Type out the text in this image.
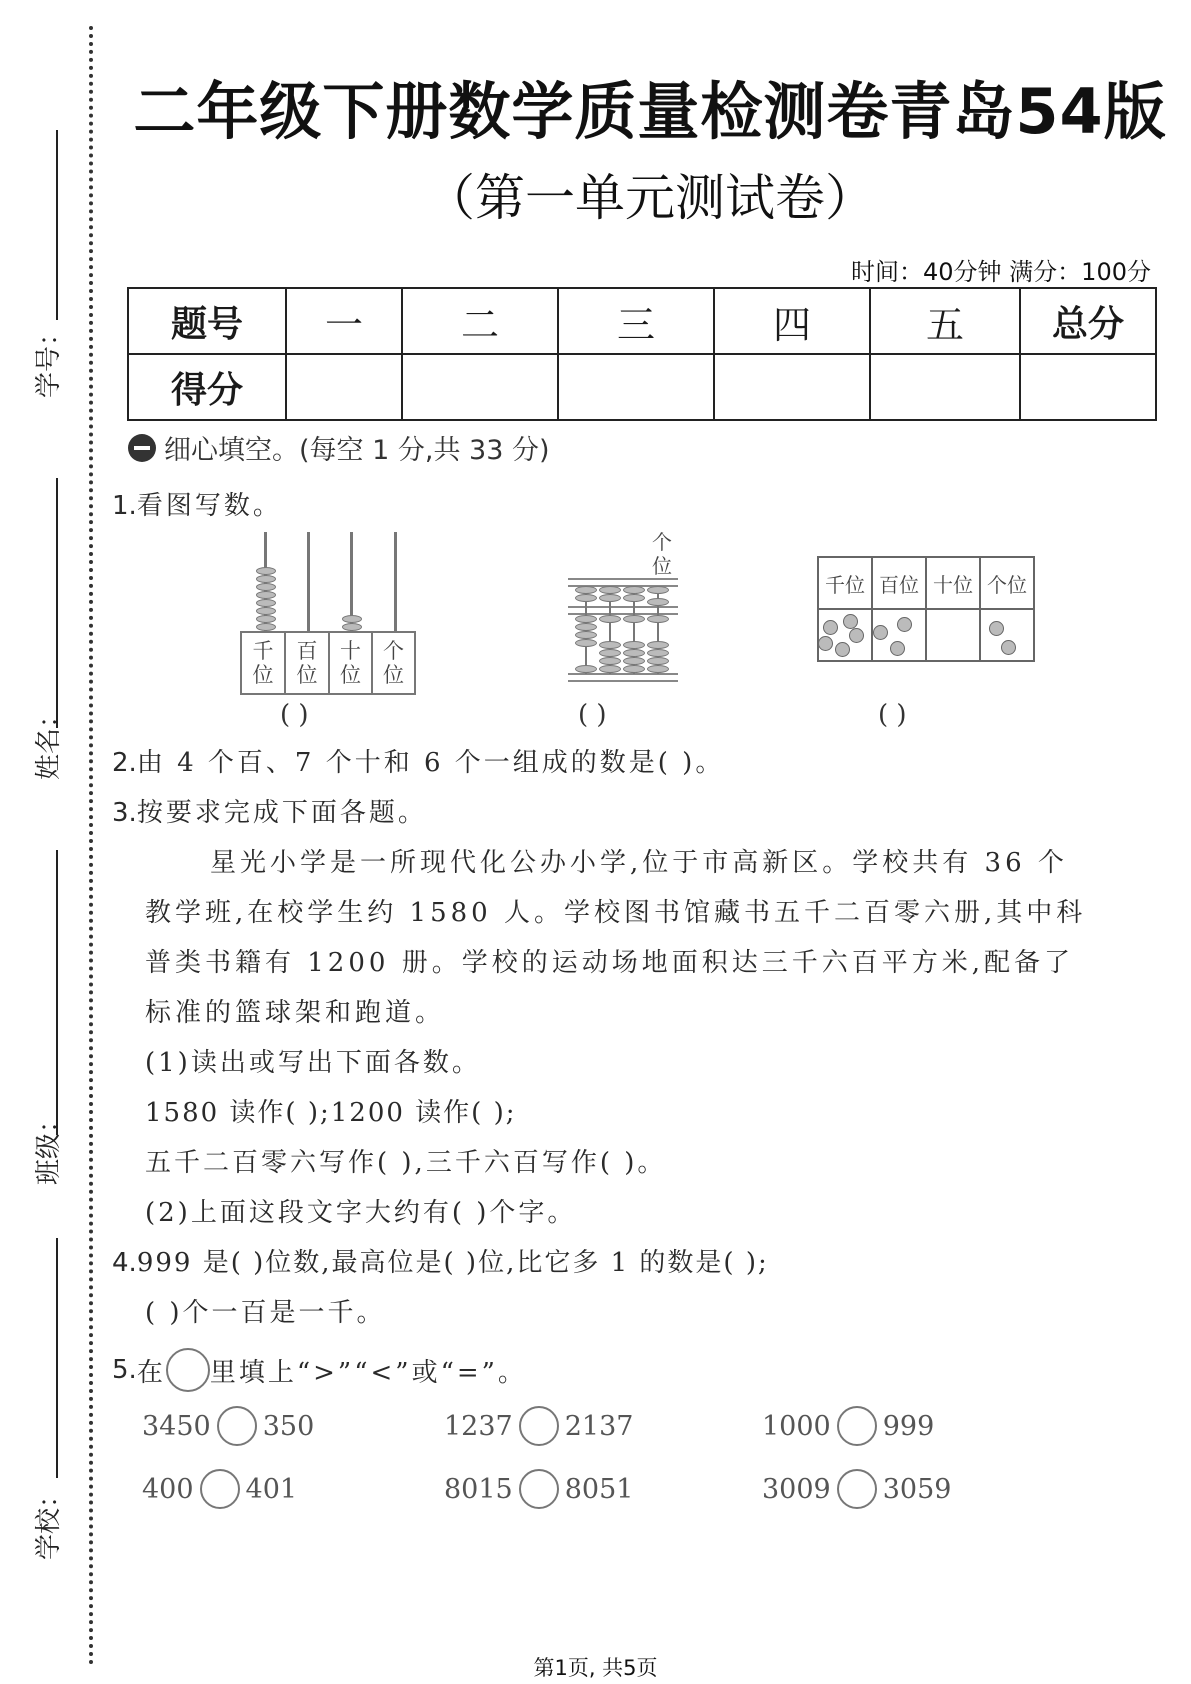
学号：
姓名：
班级：
学校：
二年级下册数学质量检测卷青岛54版
（第一单元测试卷）
时间：40分钟 满分：100分
题号	一	二	三	四	五	总分
得分						
细心填空。(每空 1 分,共 33 分)
1.看图写数。
千
位
百
位
十
位
个
位
( )
个位
( )
千位	百位	十位	个位

( )
2.由 4 个百、7 个十和 6 个一组成的数是( )。
3.按要求完成下面各题。
星光小学是一所现代化公办小学,位于市高新区。学校共有 36 个
教学班,在校学生约 1580 人。学校图书馆藏书五千二百零六册,其中科
普类书籍有 1200 册。学校的运动场地面积达三千六百平方米,配备了
标准的篮球架和跑道。
(1)读出或写出下面各数。
1580 读作( );1200 读作( );
五千二百零六写作( ),三千六百写作( )。
(2)上面这段文字大约有( )个字。
4.999 是( )位数,最高位是( )位,比它多 1 的数是( );
( )个一百是一千。
5. 在 里填上“>”“<”或“=”。
3450 350	1237 2137	1000 999
400 401	8015 8051	3009 3059
第1页, 共5页
